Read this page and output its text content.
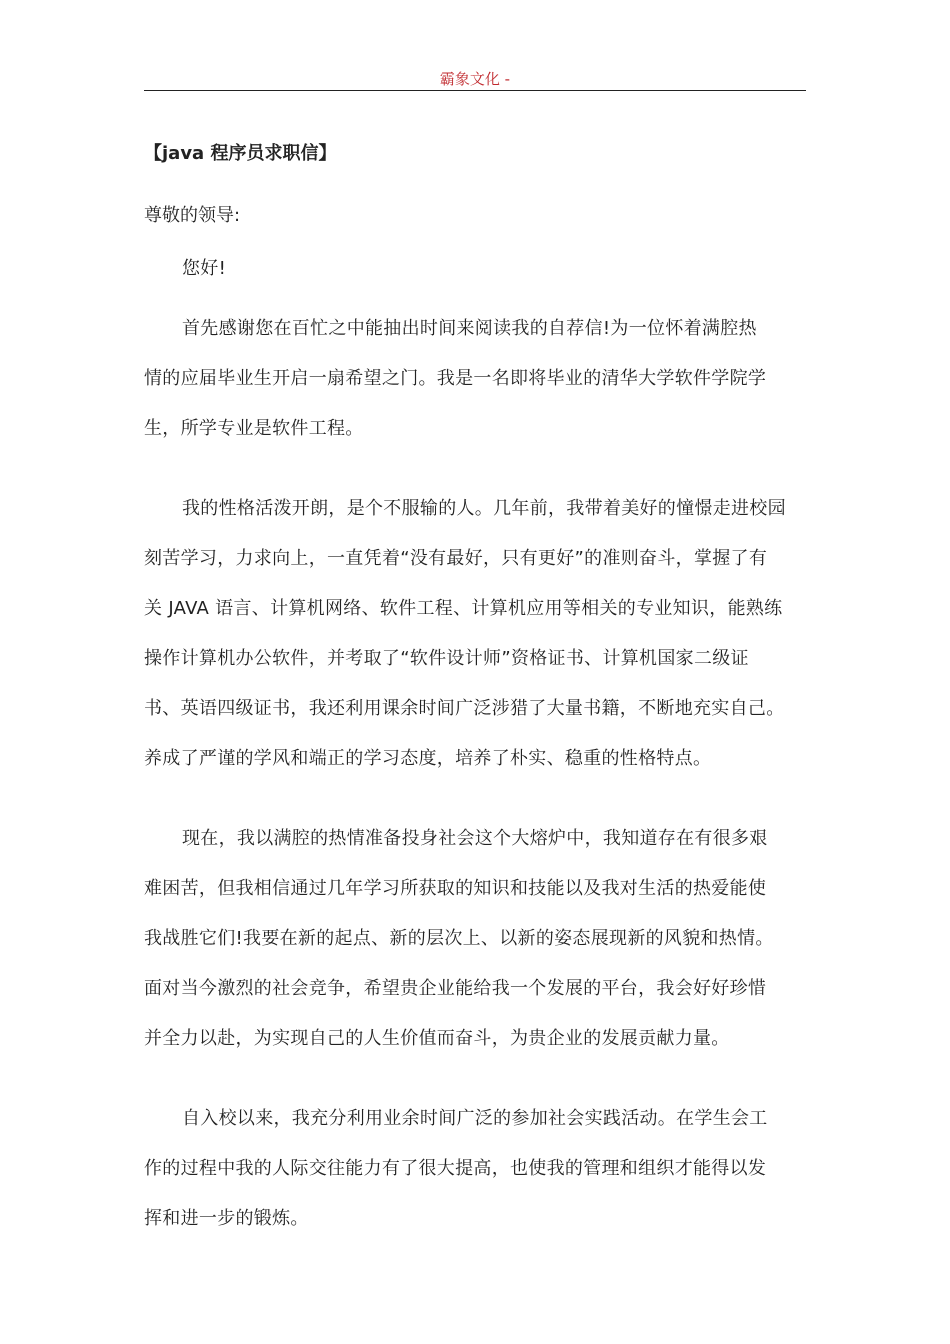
霸象文化 -
【java 程序员求职信】
尊敬的领导:
您好!
首先感谢您在百忙之中能抽出时间来阅读我的自荐信!为一位怀着满腔热
情的应届毕业生开启一扇希望之门。我是一名即将毕业的清华大学软件学院学
生，所学专业是软件工程。
我的性格活泼开朗，是个不服输的人。几年前，我带着美好的憧憬走进校园
刻苦学习，力求向上，一直凭着“没有最好，只有更好”的准则奋斗，掌握了有
关 JAVA 语言、计算机网络、软件工程、计算机应用等相关的专业知识，能熟练
操作计算机办公软件，并考取了“软件设计师”资格证书、计算机国家二级证
书、英语四级证书，我还利用课余时间广泛涉猎了大量书籍，不断地充实自己。
养成了严谨的学风和端正的学习态度，培养了朴实、稳重的性格特点。
现在，我以满腔的热情准备投身社会这个大熔炉中，我知道存在有很多艰
难困苦，但我相信通过几年学习所获取的知识和技能以及我对生活的热爱能使
我战胜它们!我要在新的起点、新的层次上、以新的姿态展现新的风貌和热情。
面对当今激烈的社会竞争，希望贵企业能给我一个发展的平台，我会好好珍惜
并全力以赴，为实现自己的人生价值而奋斗，为贵企业的发展贡献力量。
自入校以来，我充分利用业余时间广泛的参加社会实践活动。在学生会工
作的过程中我的人际交往能力有了很大提高，也使我的管理和组织才能得以发
挥和进一步的锻炼。
